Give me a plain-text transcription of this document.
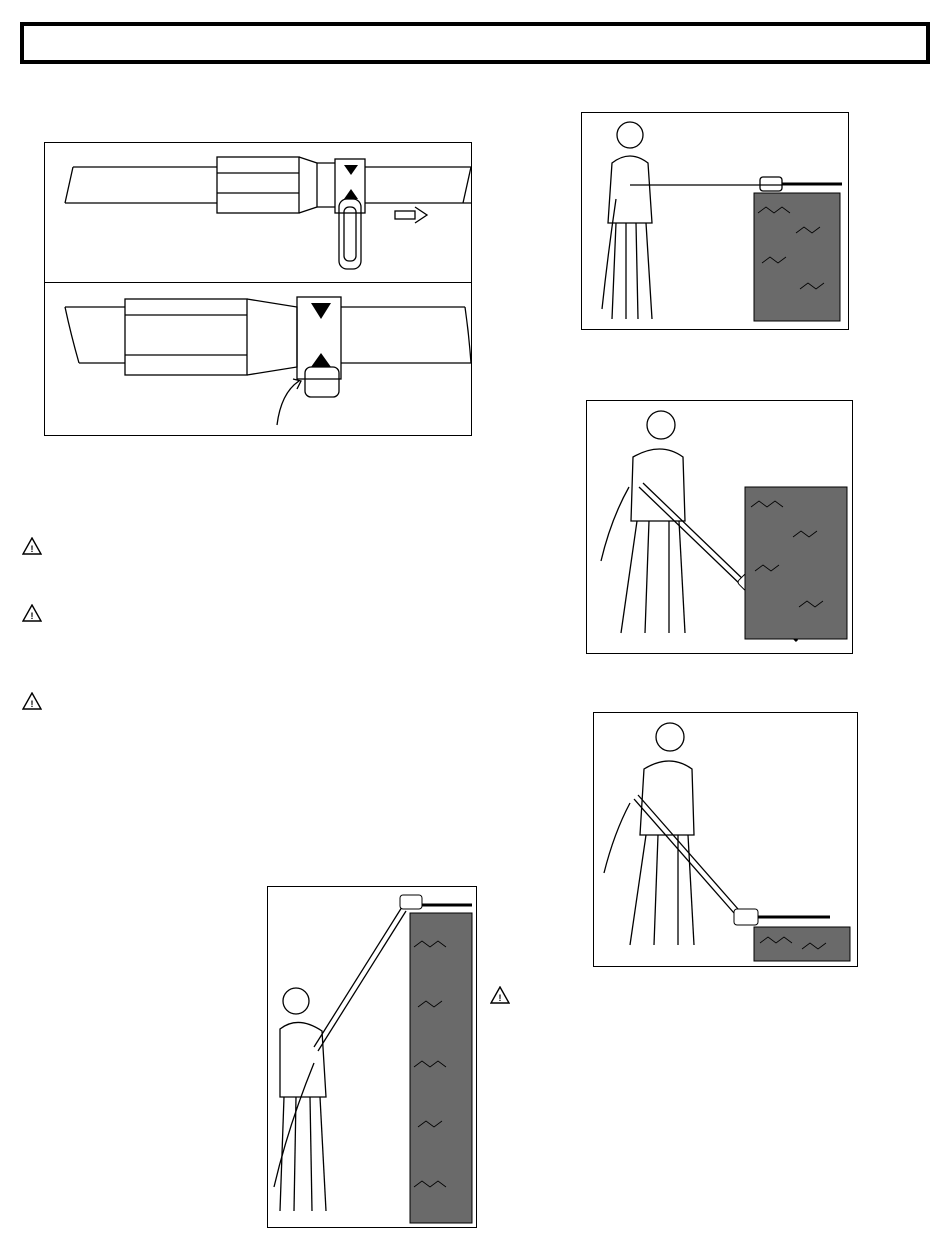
!
!
!
!
